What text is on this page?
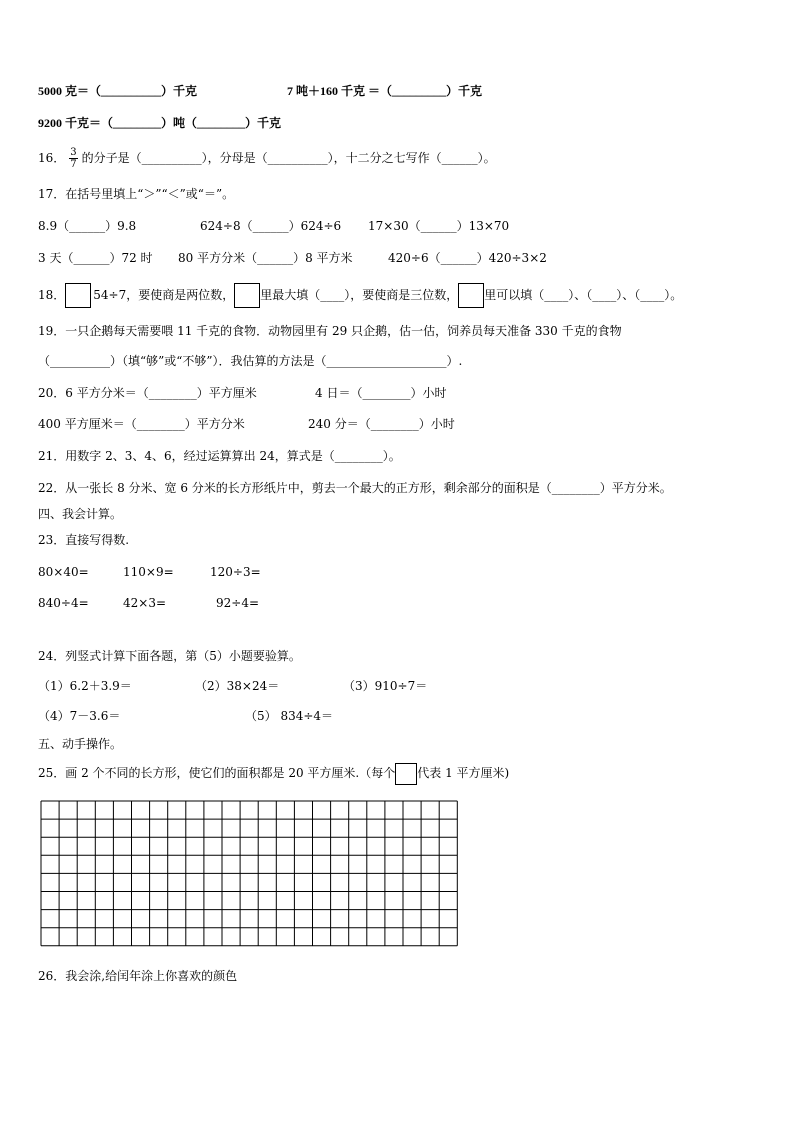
5000 克＝（__________）千克	7 吨＋160 千克 ＝（_________）千克
9200 千克＝（________）吨（________）千克
16． $\frac{3}{7}$ 的分子是（__________），分母是（__________），十二分之七写作（______）。
17．在括号里填上“＞”“＜”或“＝”。
8.9（______）9.8	624÷8（______）624÷6 17×30（______）13×70
3 天（______）72 时 80 平方分米（______）8 平方米	420÷6（______）420÷3×2
18． 54÷7，要使商是两位数， 里最大填（____），要使商是三位数， 里可以填（____）、（____）、（____）。
19．一只企鹅每天需要喂 11 千克的食物．动物园里有 29 只企鹅，估一估，饲养员每天准备 330 千克的食物
（__________）（填“够”或“不够”）．我估算的方法是（____________________）.
20．6 平方分米＝（________）平方厘米	4 日＝（________）小时
400 平方厘米＝（________）平方分米	240 分＝（________）小时
21．用数字 2、3、4、6，经过运算算出 24，算式是（________）。
22．从一张长 8 分米、宽 6 分米的长方形纸片中，剪去一个最大的正方形，剩余部分的面积是（________）平方分米。
四、我会计算。
23．直接写得数.
80×40=	110×9=	120÷3=
840÷4=	42×3=	92÷4=
24．列竖式计算下面各题，第（5）小题要验算。
（1）6.2＋3.9＝	（2）38×24＝	（3）910÷7＝
（4）7－3.6＝	（5） 834÷4＝
五、动手操作。
25．画 2 个不同的长方形，使它们的面积都是 20 平方厘米.（每个 代表 1 平方厘米)
26．我会涂,给闰年涂上你喜欢的颜色
